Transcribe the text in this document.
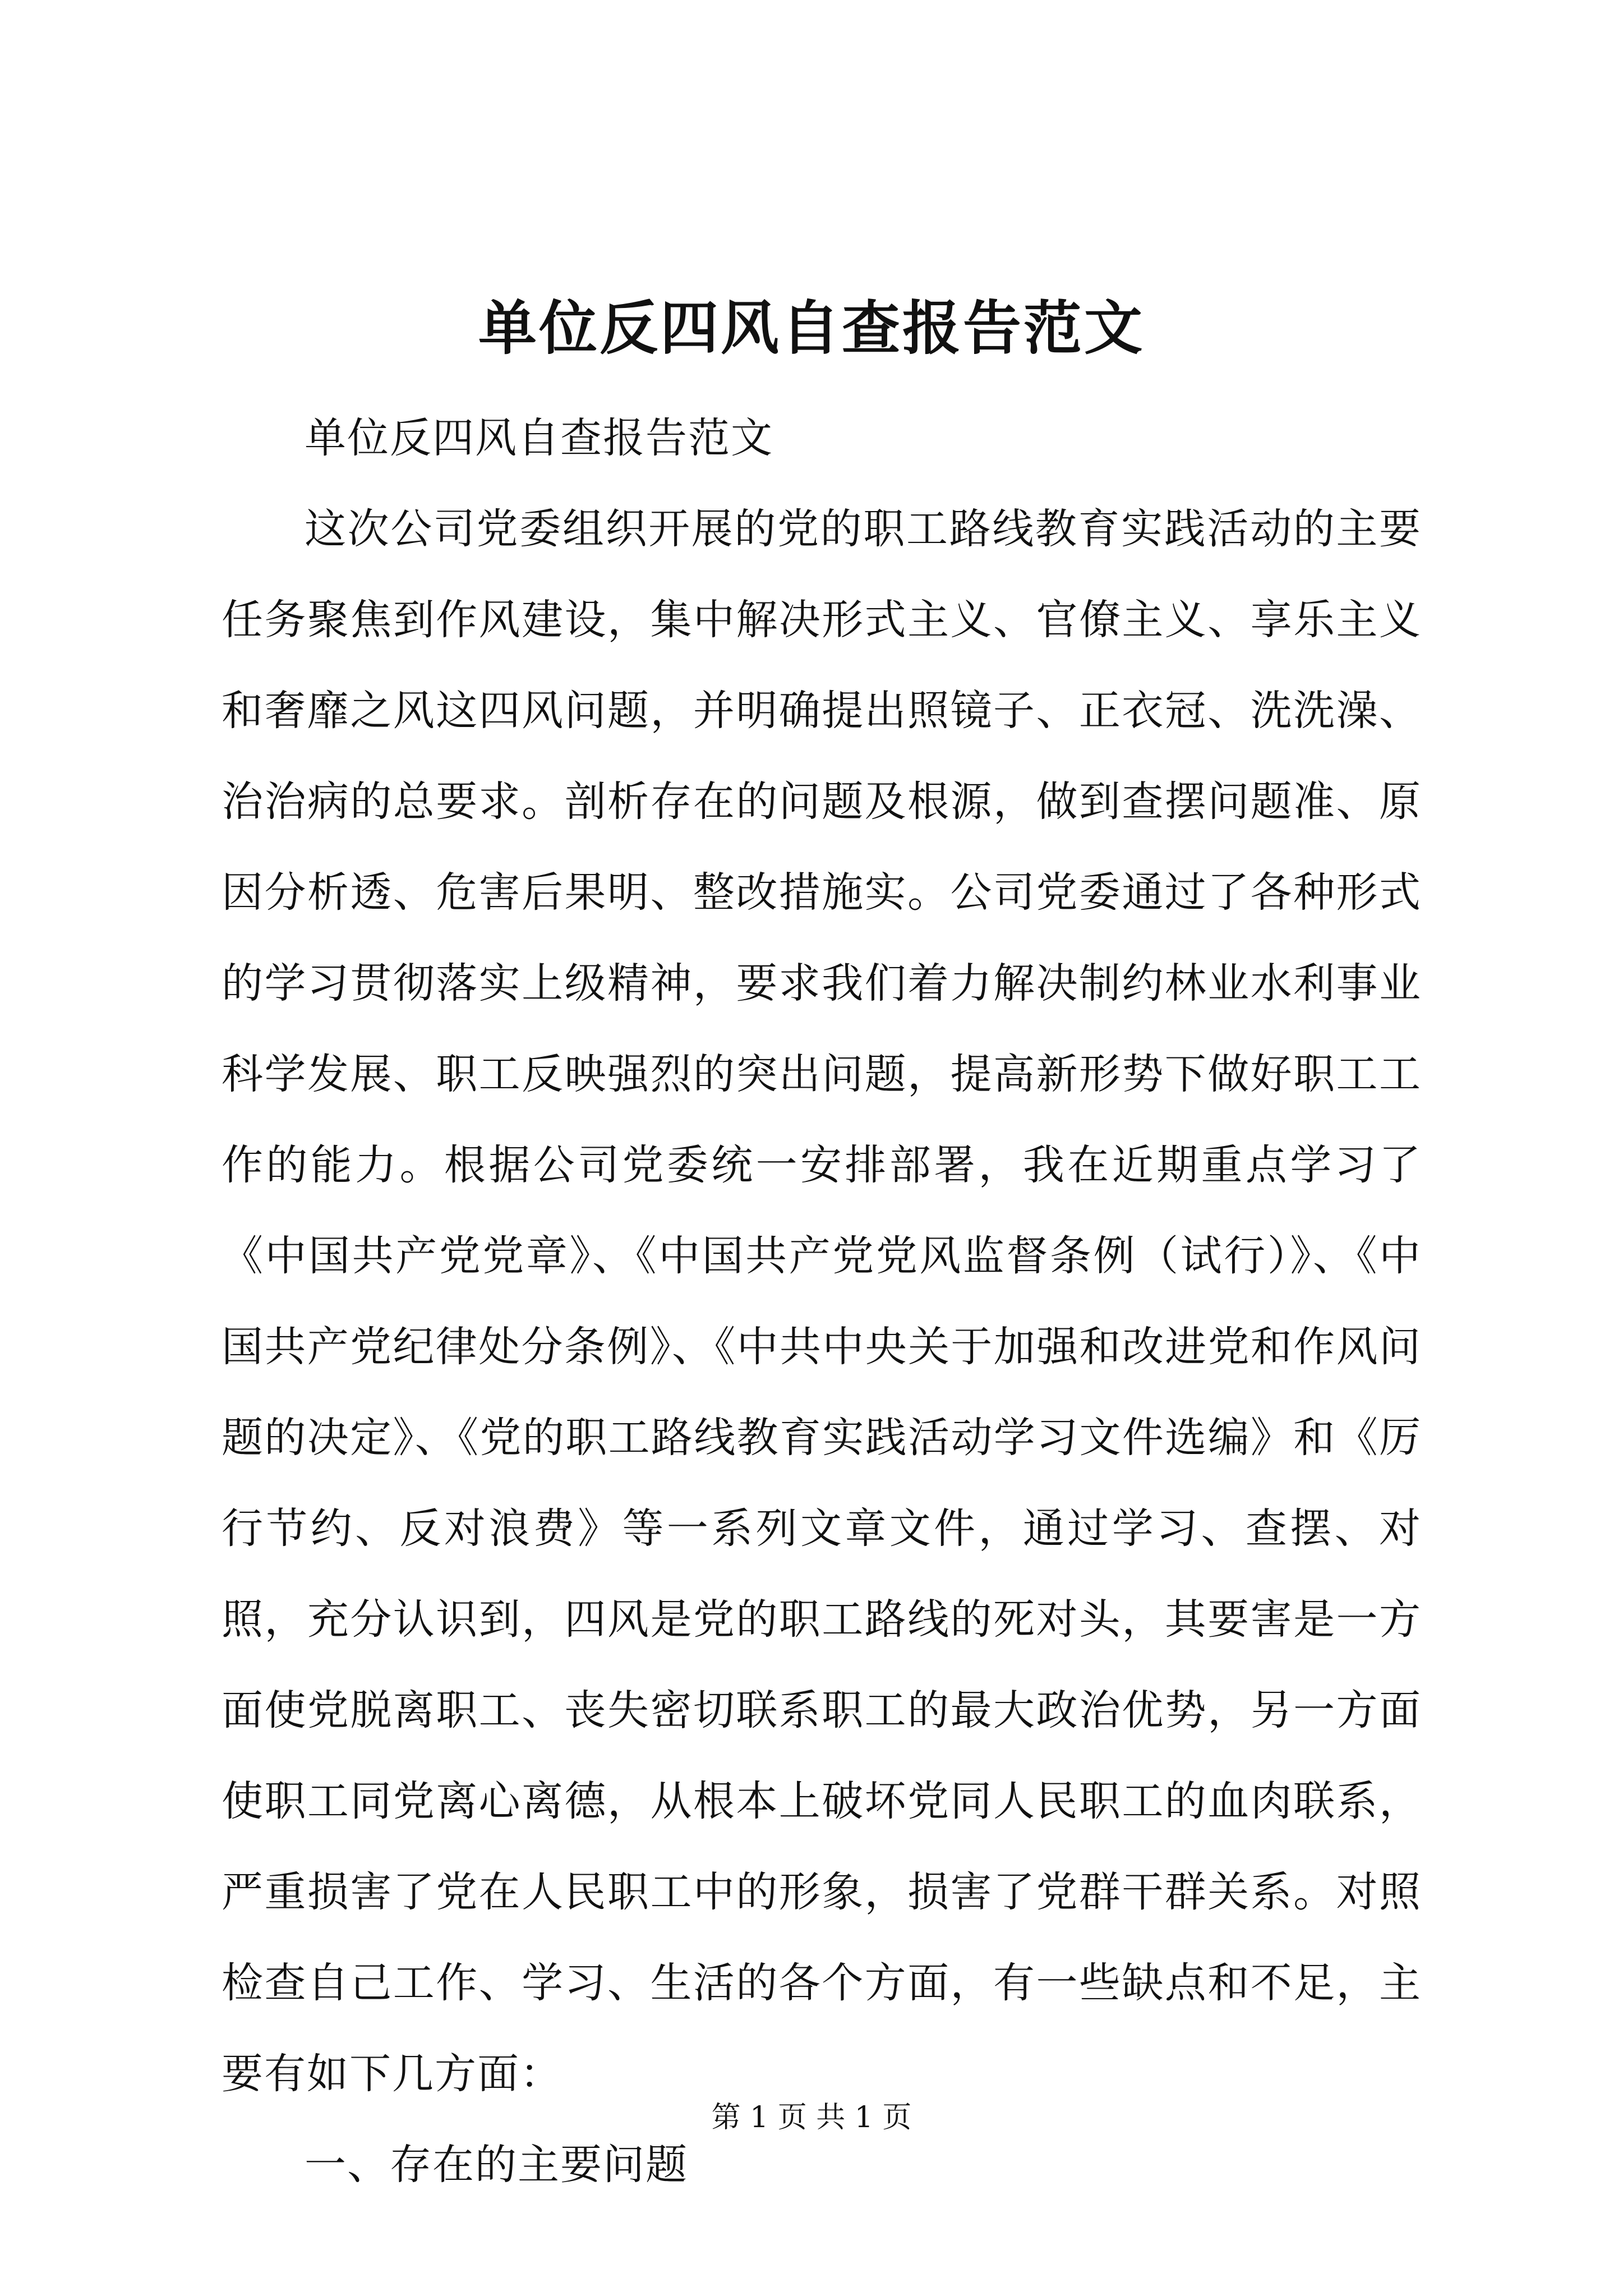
单位反四风自查报告范文

单位反四风自查报告范文

这次公司党委组织开展的党的职工路线教育实践活动的主要任务聚焦到作风建设，集中解决形式主义、官僚主义、享乐主义和奢靡之风这四风问题，并明确提出照镜子、正衣冠、洗洗澡、治治病的总要求。剖析存在的问题及根源，做到查摆问题准、原因分析透、危害后果明、整改措施实。公司党委通过了各种形式的学习贯彻落实上级精神，要求我们着力解决制约林业水利事业科学发展、职工反映强烈的突出问题，提高新形势下做好职工工作的能力。根据公司党委统一安排部署，我在近期重点学习了《中国共产党党章》、《中国共产党党风监督条例（试行）》、《中国共产党纪律处分条例》、《中共中央关于加强和改进党和作风问题的决定》、《党的职工路线教育实践活动学习文件选编》和《厉行节约、反对浪费》等一系列文章文件，通过学习、查摆、对照，充分认识到，四风是党的职工路线的死对头，其要害是一方面使党脱离职工、丧失密切联系职工的最大政治优势，另一方面使职工同党离心离德，从根本上破坏党同人民职工的血肉联系，严重损害了党在人民职工中的形象，损害了党群干群关系。对照检查自己工作、学习、生活的各个方面，有一些缺点和不足，主要有如下几方面：

一、存在的主要问题

第 1 页 共 1 页
